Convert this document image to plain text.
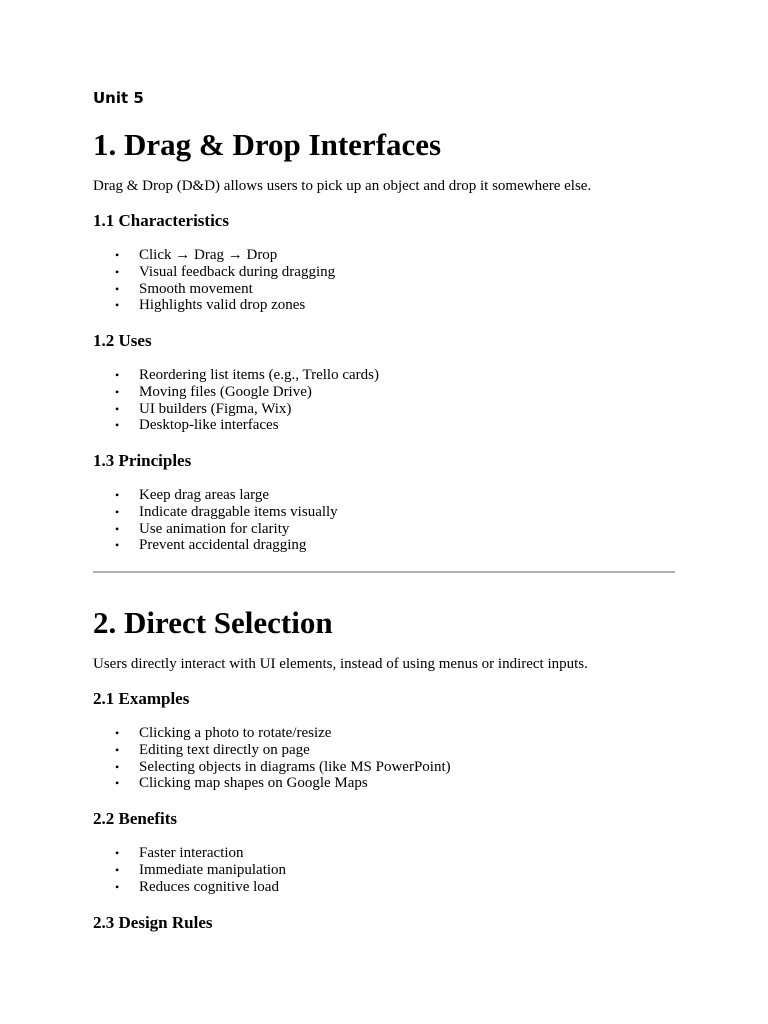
Unit 5

1. Drag & Drop Interfaces

Drag & Drop (D&D) allows users to pick up an object and drop it somewhere else.

1.1 Characteristics
• Click → Drag → Drop
• Visual feedback during dragging
• Smooth movement
• Highlights valid drop zones
1.2 Uses
• Reordering list items (e.g., Trello cards)
• Moving files (Google Drive)
• UI builders (Figma, Wix)
• Desktop-like interfaces
1.3 Principles
• Keep drag areas large
• Indicate draggable items visually
• Use animation for clarity
• Prevent accidental dragging
2. Direct Selection

Users directly interact with UI elements, instead of using menus or indirect inputs.

2.1 Examples
• Clicking a photo to rotate/resize
• Editing text directly on page
• Selecting objects in diagrams (like MS PowerPoint)
• Clicking map shapes on Google Maps
2.2 Benefits
• Faster interaction
• Immediate manipulation
• Reduces cognitive load
2.3 Design Rules
